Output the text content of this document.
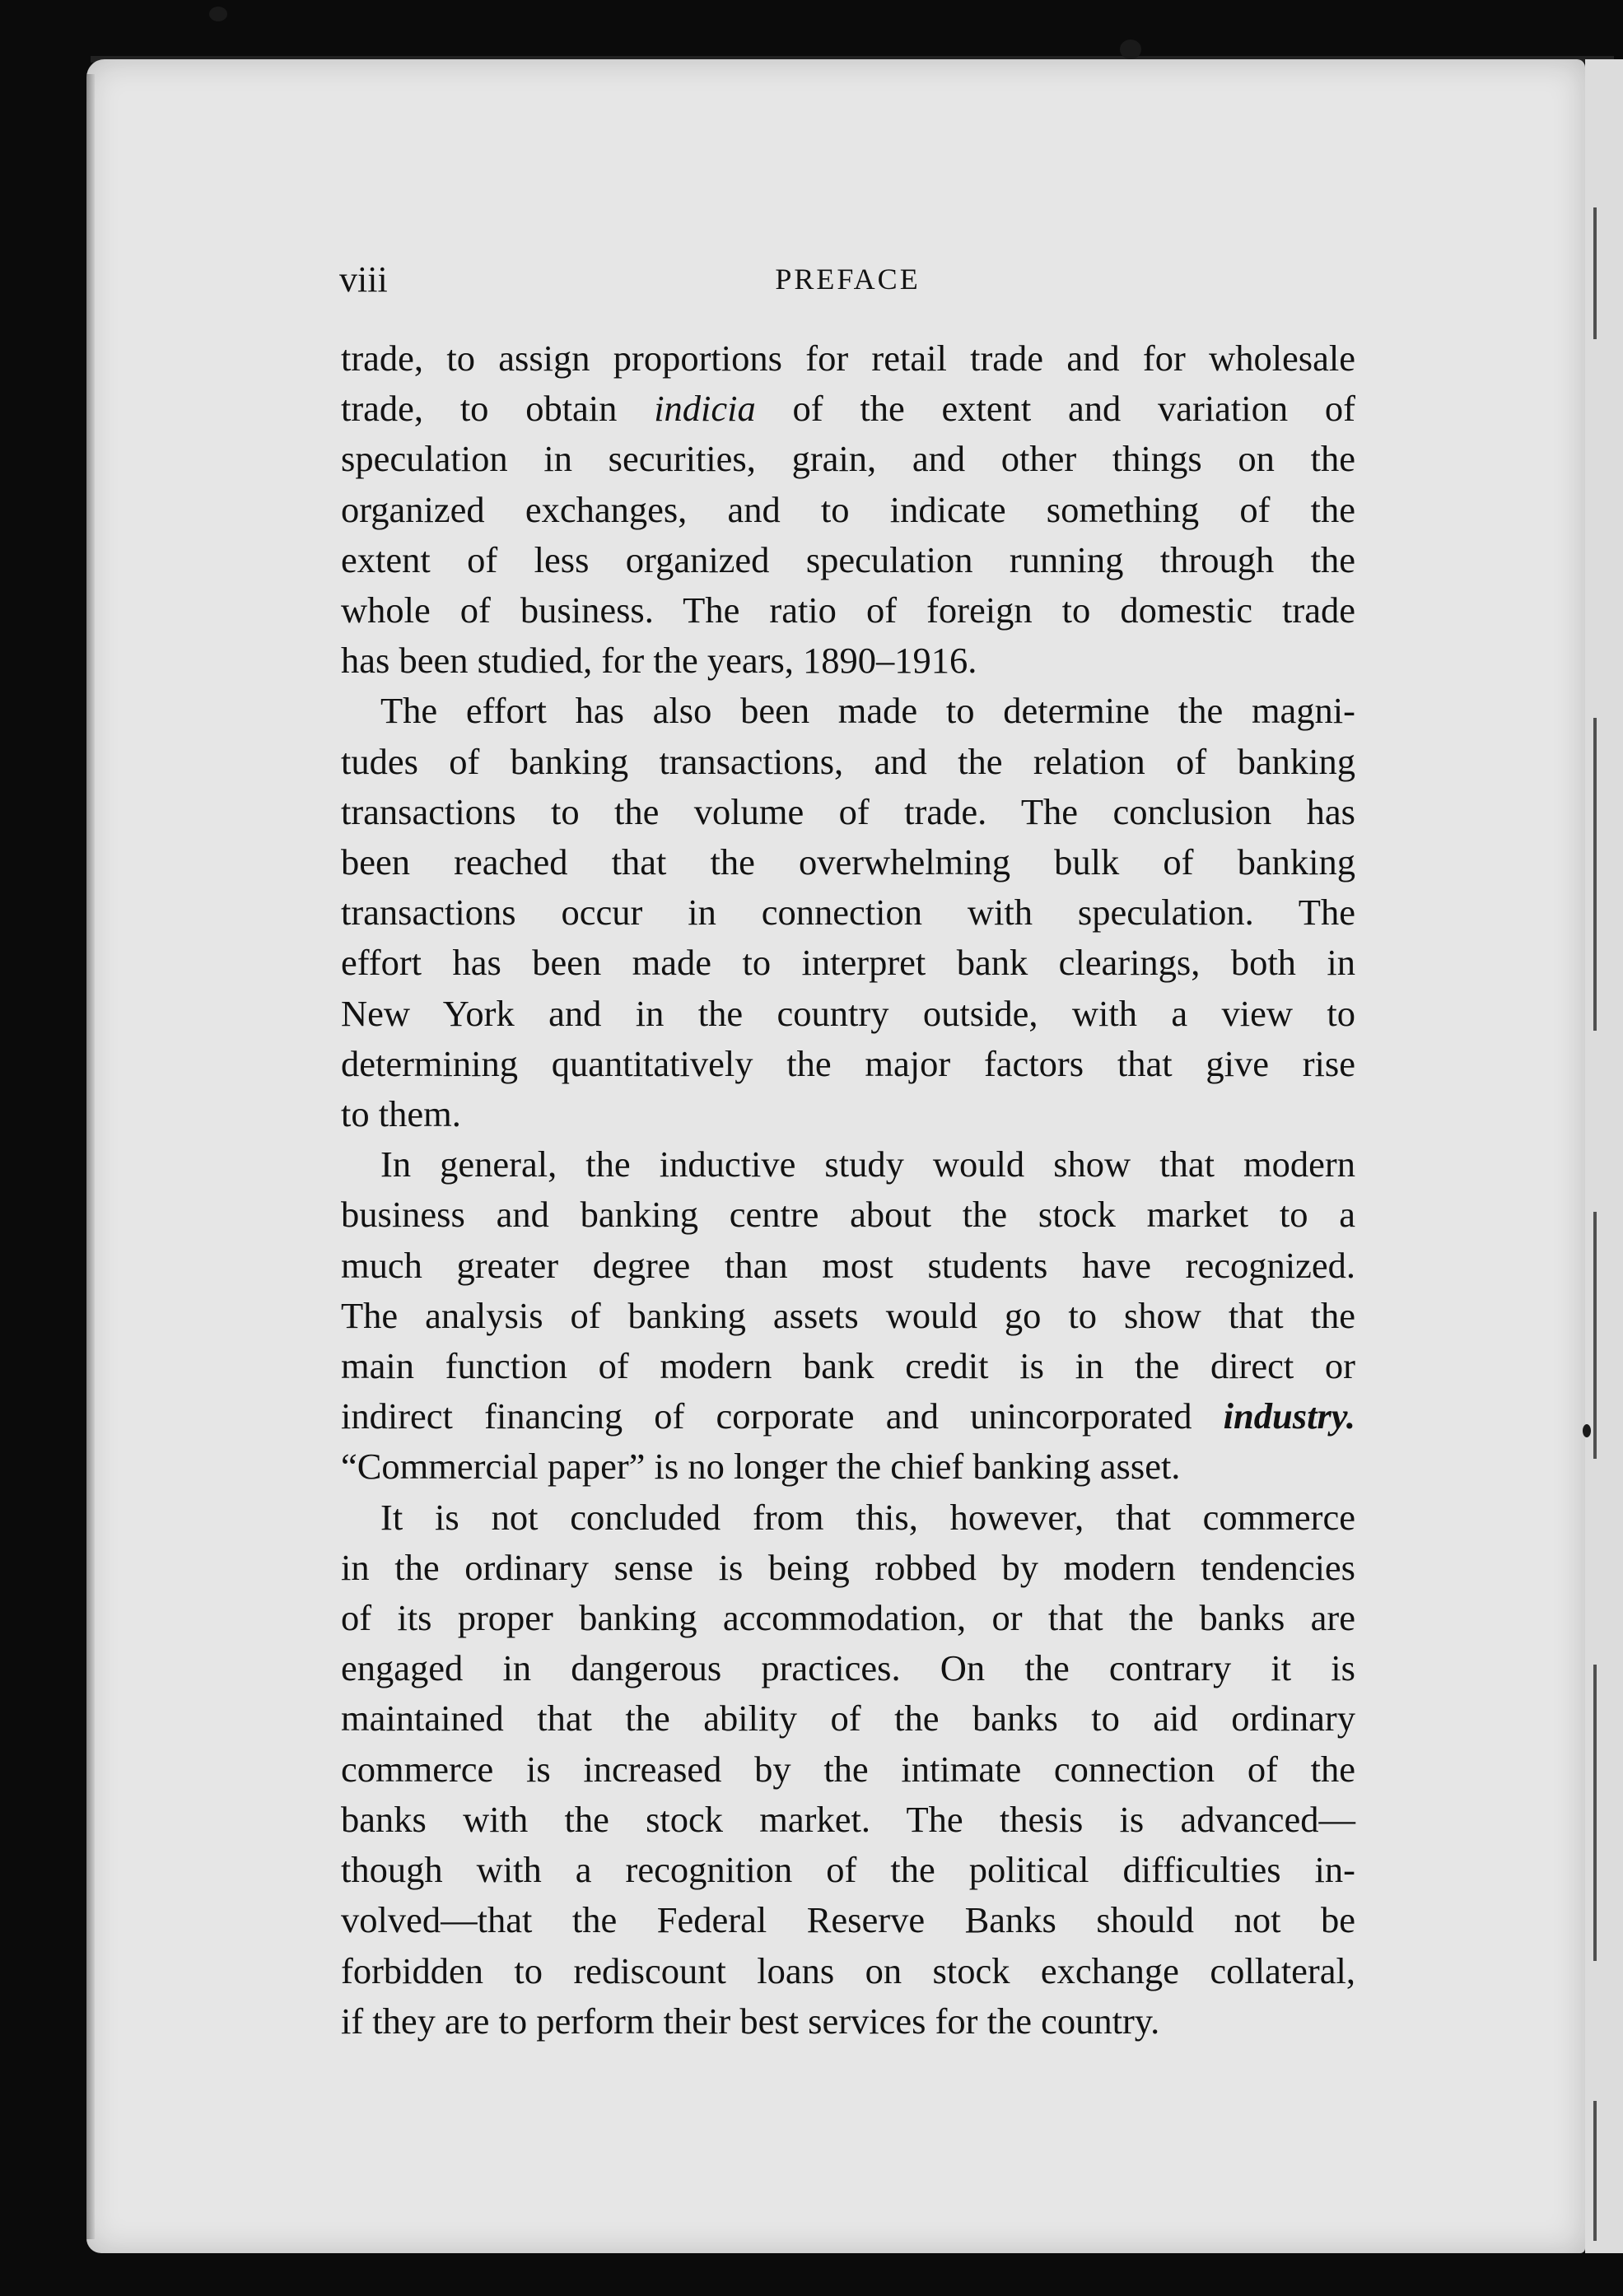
viii	PREFACE
trade, to assign proportions for retail trade and for wholesale
trade, to obtain indicia of the extent and variation of
speculation in securities, grain, and other things on the
organized exchanges, and to indicate something of the
extent of less organized speculation running through the
whole of business. The ratio of foreign to domestic trade
has been studied, for the years, 1890–1916.
The effort has also been made to determine the magni-
tudes of banking transactions, and the relation of banking
transactions to the volume of trade. The conclusion has
been reached that the overwhelming bulk of banking
transactions occur in connection with speculation. The
effort has been made to interpret bank clearings, both in
New York and in the country outside, with a view to
determining quantitatively the major factors that give rise
to them.
In general, the inductive study would show that modern
business and banking centre about the stock market to a
much greater degree than most students have recognized.
The analysis of banking assets would go to show that the
main function of modern bank credit is in the direct or
indirect financing of corporate and unincorporated industry.
“Commercial paper” is no longer the chief banking asset.
It is not concluded from this, however, that commerce
in the ordinary sense is being robbed by modern tendencies
of its proper banking accommodation, or that the banks are
engaged in dangerous practices. On the contrary it is
maintained that the ability of the banks to aid ordinary
commerce is increased by the intimate connection of the
banks with the stock market. The thesis is advanced—
though with a recognition of the political difficulties in-
volved—that the Federal Reserve Banks should not be
forbidden to rediscount loans on stock exchange collateral,
if they are to perform their best services for the country.
